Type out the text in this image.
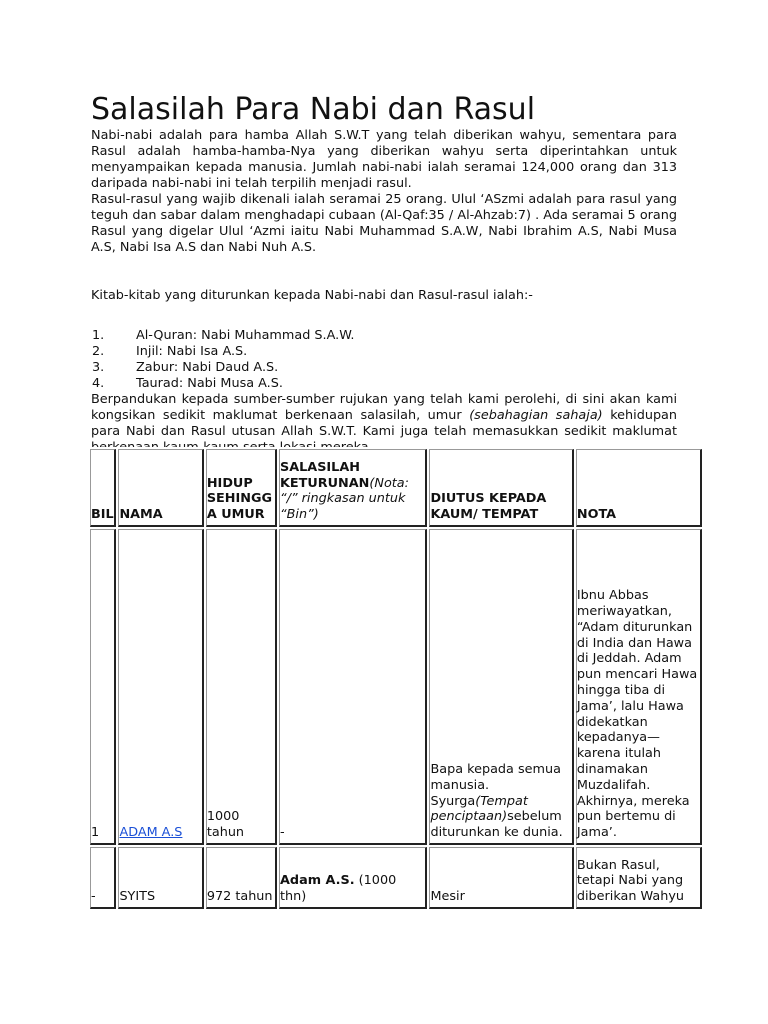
Salasilah Para Nabi dan Rasul

Nabi-nabi adalah para hamba Allah S.W.T yang telah diberikan wahyu, sementara para Rasul adalah hamba-hamba-Nya yang diberikan wahyu serta diperintahkan untuk menyampaikan kepada manusia. Jumlah nabi-nabi ialah seramai 124,000 orang dan 313 daripada nabi-nabi ini telah terpilih menjadi rasul.

Rasul-rasul yang wajib dikenali ialah seramai 25 orang. Ulul ‘ASzmi adalah para rasul yang teguh dan sabar dalam menghadapi cubaan (Al-Qaf:35 / Al-Ahzab:7) . Ada seramai 5 orang Rasul yang digelar Ulul ‘Azmi iaitu Nabi Muhammad S.A.W, Nabi Ibrahim A.S, Nabi Musa A.S, Nabi Isa A.S dan Nabi Nuh A.S.

Kitab-kitab yang diturunkan kepada Nabi-nabi dan Rasul-rasul ialah:-

1.	Al-Quran: Nabi Muhammad S.A.W.
2.	Injil: Nabi Isa A.S.
3.	Zabur: Nabi Daud A.S.
4.	Taurad: Nabi Musa A.S.

Berpandukan kepada sumber-sumber rujukan yang telah kami perolehi, di sini akan kami kongsikan sedikit maklumat berkenaan salasilah, umur (sebahagian sahaja) kehidupan para Nabi dan Rasul utusan Allah S.W.T. Kami juga telah memasukkan sedikit maklumat

BIL	NAMA	HIDUP SEHINGGA UMUR	SALASILAH KETURUNAN(Nota: “/” ringkasan untuk “Bin”)	DIUTUS KEPADA KAUM/ TEMPAT	NOTA
1	ADAM A.S	1000 tahun	-	Bapa kepada semua manusia. Syurga(Tempat penciptaan)sebelum diturunkan ke dunia.	Ibnu Abbas meriwayatkan, “Adam diturunkan di India dan Hawa di Jeddah. Adam pun mencari Hawa hingga tiba di Jama’, lalu Hawa didekatkan kepadanya—karena itulah dinamakan Muzdalifah. Akhirnya, mereka pun bertemu di Jama’.
-	SYITS	972 tahun	Adam A.S. (1000 thn)	Mesir	Bukan Rasul, tetapi Nabi yang diberikan Wahyu
